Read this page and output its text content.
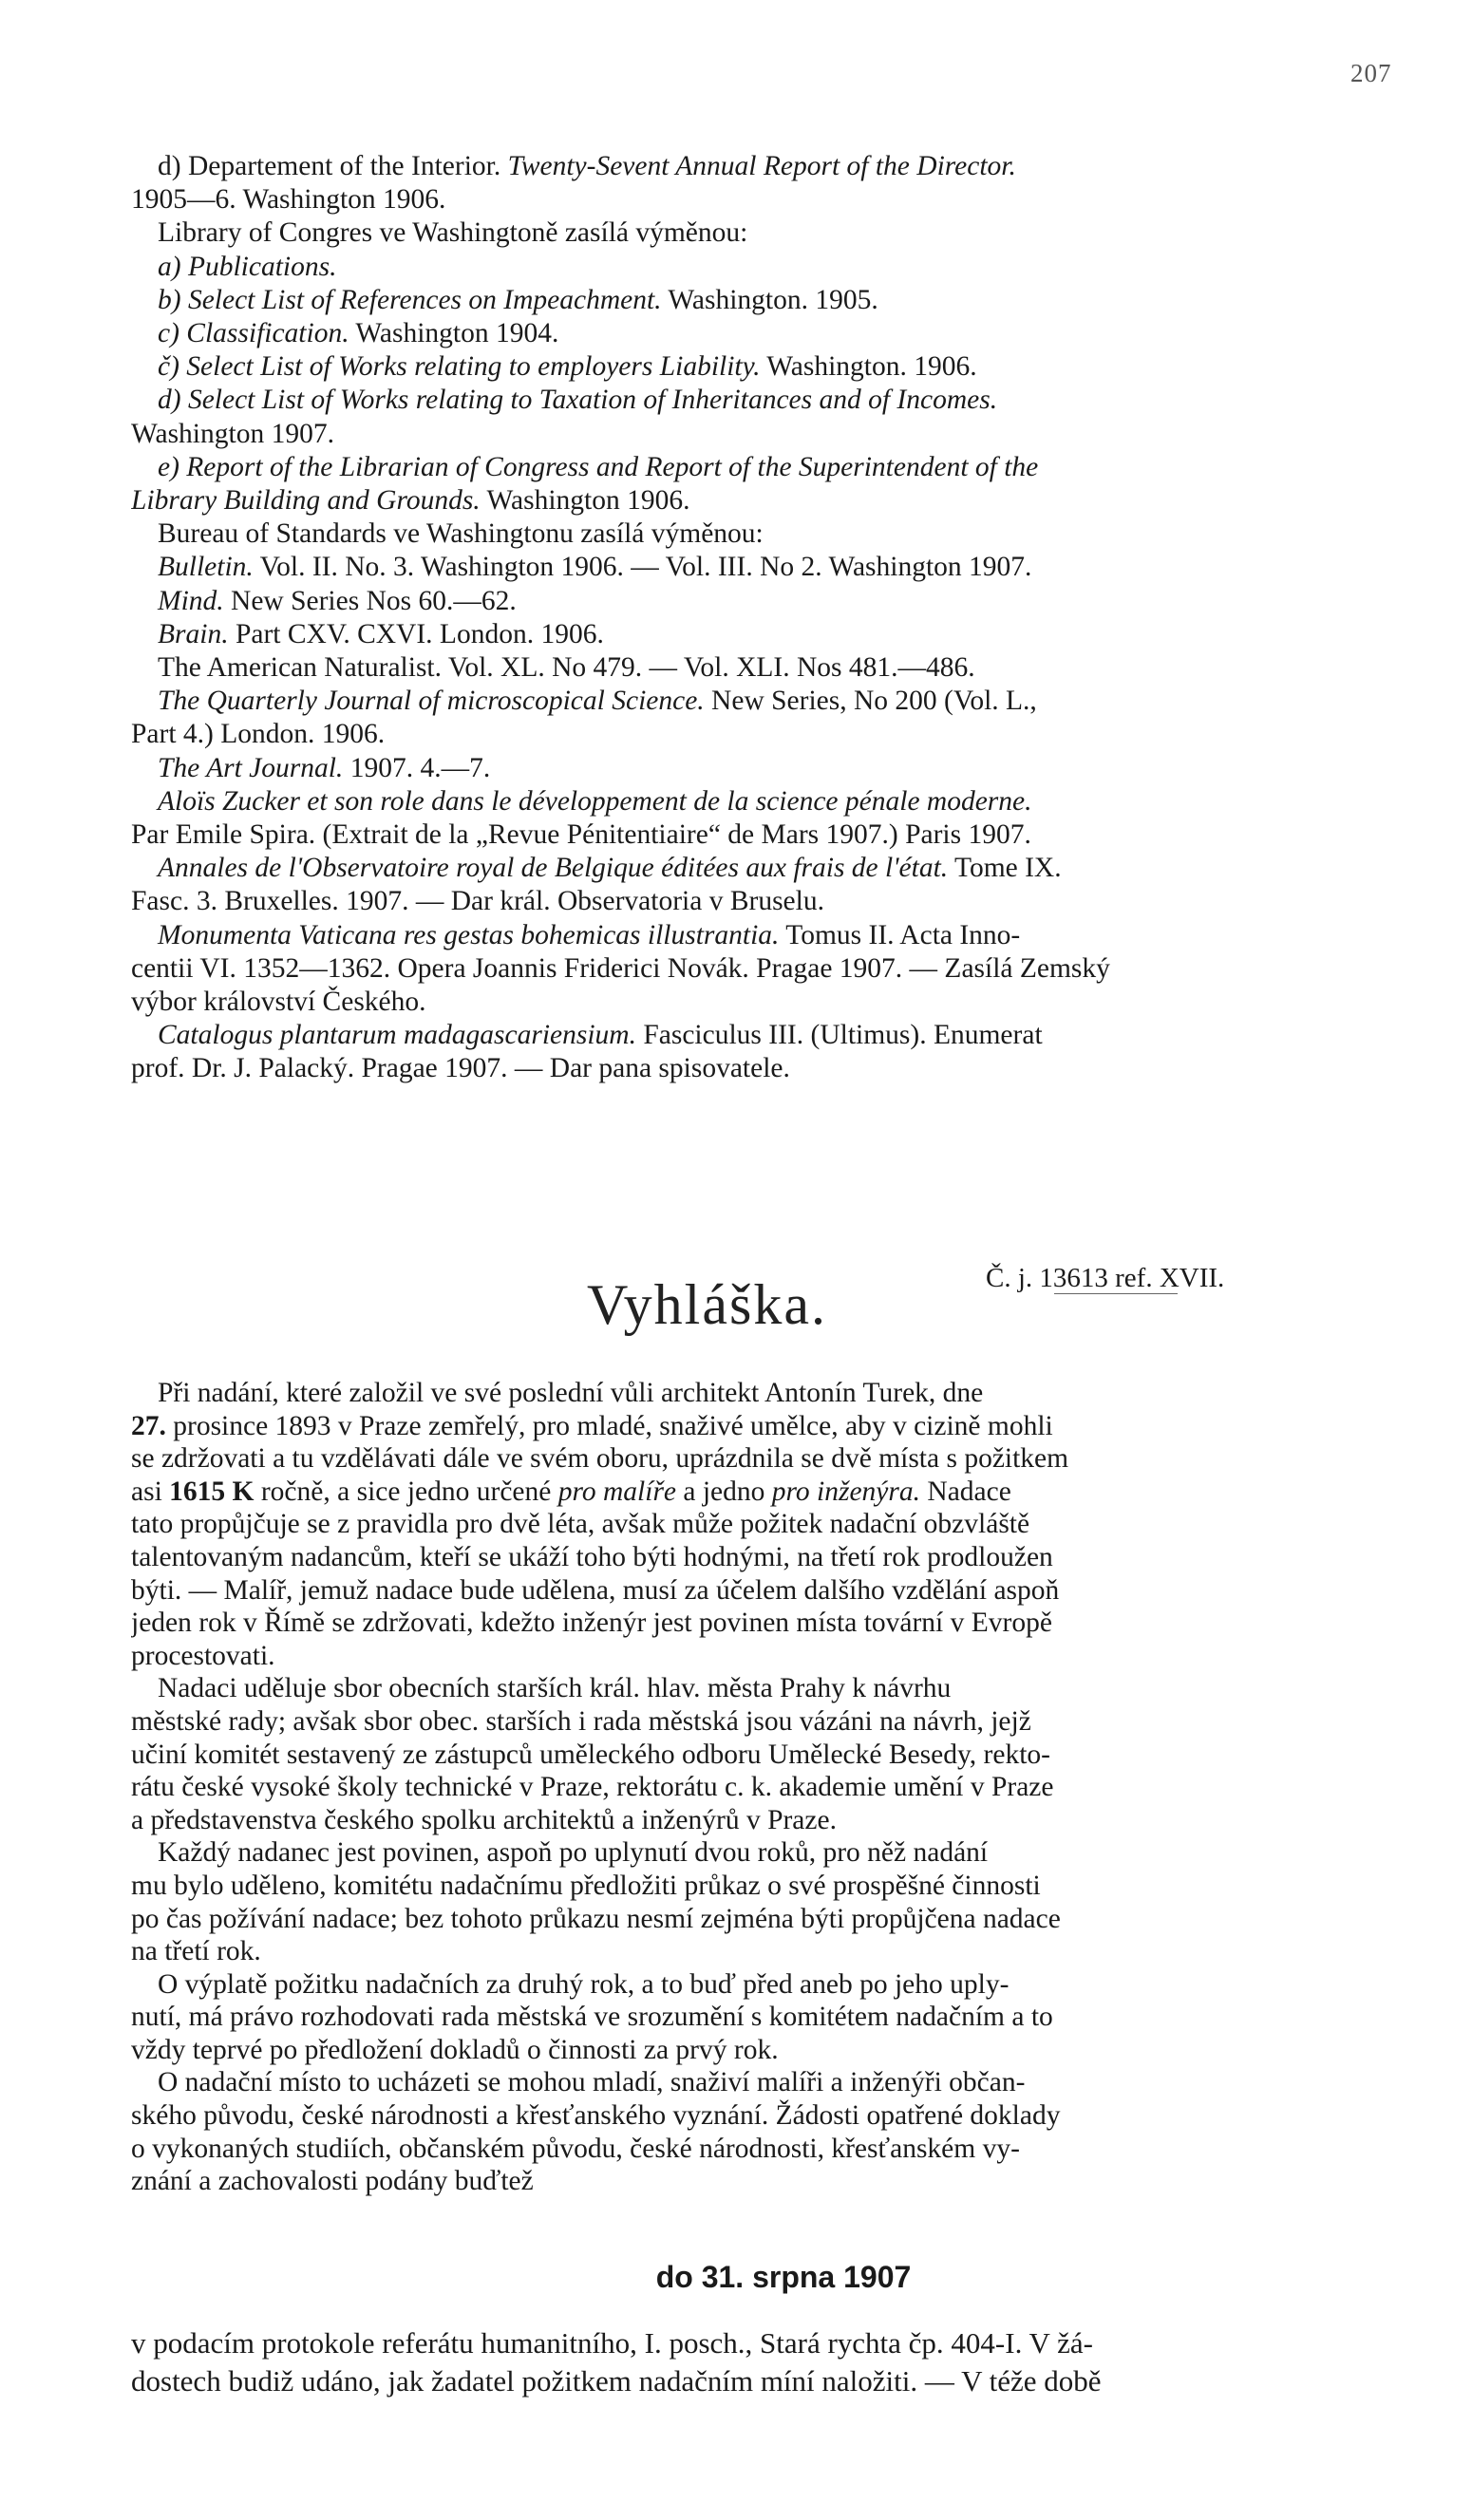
207
d) Departement of the Interior. Twenty-Sevent Annual Report of the Director.
1905—6. Washington 1906.
Library of Congres ve Washingtoně zasílá výměnou:
a) Publications.
b) Select List of References on Impeachment. Washington. 1905.
c) Classification. Washington 1904.
č) Select List of Works relating to employers Liability. Washington. 1906.
d) Select List of Works relating to Taxation of Inheritances and of Incomes.
Washington 1907.
e) Report of the Librarian of Congress and Report of the Superintendent of the
Library Building and Grounds. Washington 1906.
Bureau of Standards ve Washingtonu zasílá výměnou:
Bulletin. Vol. II. No. 3. Washington 1906. — Vol. III. No 2. Washington 1907.
Mind. New Series Nos 60.—62.
Brain. Part CXV. CXVI. London. 1906.
The American Naturalist. Vol. XL. No 479. — Vol. XLI. Nos 481.—486.
The Quarterly Journal of microscopical Science. New Series, No 200 (Vol. L.,
Part 4.) London. 1906.
The Art Journal. 1907. 4.—7.
Aloïs Zucker et son role dans le développement de la science pénale moderne.
Par Emile Spira. (Extrait de la „Revue Pénitentiaire“ de Mars 1907.) Paris 1907.
Annales de l'Observatoire royal de Belgique éditées aux frais de l'état. Tome IX.
Fasc. 3. Bruxelles. 1907. — Dar král. Observatoria v Bruselu.
Monumenta Vaticana res gestas bohemicas illustrantia. Tomus II. Acta Inno-
centii VI. 1352—1362. Opera Joannis Friderici Novák. Pragae 1907. — Zasílá Zemský
výbor království Českého.
Catalogus plantarum madagascariensium. Fasciculus III. (Ultimus). Enumerat
prof. Dr. J. Palacký. Pragae 1907. — Dar pana spisovatele.
Vyhláška.	Č. j. 13613 ref. XVII.
Při nadání, které založil ve své poslední vůli architekt Antonín Turek, dne
27. prosince 1893 v Praze zemřelý, pro mladé, snaživé umělce, aby v cizině mohli
se zdržovati a tu vzdělávati dále ve svém oboru, uprázdnila se dvě místa s požitkem
asi 1615 K ročně, a sice jedno určené pro malíře a jedno pro inženýra. Nadace
tato propůjčuje se z pravidla pro dvě léta, avšak může požitek nadační obzvláště
talentovaným nadancům, kteří se ukáží toho býti hodnými, na třetí rok prodloužen
býti. — Malíř, jemuž nadace bude udělena, musí za účelem dalšího vzdělání aspoň
jeden rok v Římě se zdržovati, kdežto inženýr jest povinen místa tovární v Evropě
procestovati.
Nadaci uděluje sbor obecních starších král. hlav. města Prahy k návrhu
městské rady; avšak sbor obec. starších i rada městská jsou vázáni na návrh, jejž
učiní komitét sestavený ze zástupců uměleckého odboru Umělecké Besedy, rekto-
rátu české vysoké školy technické v Praze, rektorátu c. k. akademie umění v Praze
a představenstva českého spolku architektů a inženýrů v Praze.
Každý nadanec jest povinen, aspoň po uplynutí dvou roků, pro něž nadání
mu bylo uděleno, komitétu nadačnímu předložiti průkaz o své prospěšné činnosti
po čas požívání nadace; bez tohoto průkazu nesmí zejména býti propůjčena nadace
na třetí rok.
O výplatě požitku nadačních za druhý rok, a to buď před aneb po jeho uply-
nutí, má právo rozhodovati rada městská ve srozumění s komitétem nadačním a to
vždy teprvé po předložení dokladů o činnosti za prvý rok.
O nadační místo to ucházeti se mohou mladí, snaživí malíři a inženýři občan-
ského původu, české národnosti a křesťanského vyznání. Žádosti opatřené doklady
o vykonaných studiích, občanském původu, české národnosti, křesťanském vy-
znání a zachovalosti podány buďtež
do 31. srpna 1907
v podacím protokole referátu humanitního, I. posch., Stará rychta čp. 404-I. V žá-
dostech budiž udáno, jak žadatel požitkem nadačním míní naložiti. — V téže době
